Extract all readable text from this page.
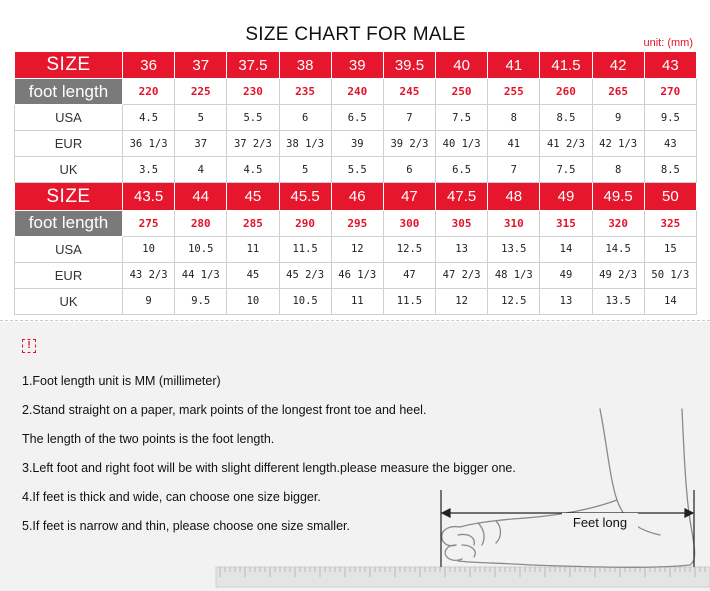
SIZE CHART FOR MALE	unit: (mm)
SIZE	36	37	37.5	38	39	39.5	40	41	41.5	42	43
foot length	220	225	230	235	240	245	250	255	260	265	270
USA	4.5	5	5.5	6	6.5	7	7.5	8	8.5	9	9.5
EUR	36 1/3	37	37 2/3	38 1/3	39	39 2/3	40 1/3	41	41 2/3	42 1/3	43
UK	3.5	4	4.5	5	5.5	6	6.5	7	7.5	8	8.5
SIZE	43.5	44	45	45.5	46	47	47.5	48	49	49.5	50
foot length	275	280	285	290	295	300	305	310	315	320	325
USA	10	10.5	11	11.5	12	12.5	13	13.5	14	14.5	15
EUR	43 2/3	44 1/3	45	45 2/3	46 1/3	47	47 2/3	48 1/3	49	49 2/3	50 1/3
UK	9	9.5	10	10.5	11	11.5	12	12.5	13	13.5	14
!
1.Foot length unit is MM (millimeter)
2.Stand straight on a paper, mark points of the longest front toe and heel.
The length of the two points is the foot length.
3.Left foot and right foot will be with slight different length.please measure the bigger one.
4.If feet is thick and wide, can choose one size bigger.
5.If feet is narrow and thin, please choose one size smaller.	Feet long
